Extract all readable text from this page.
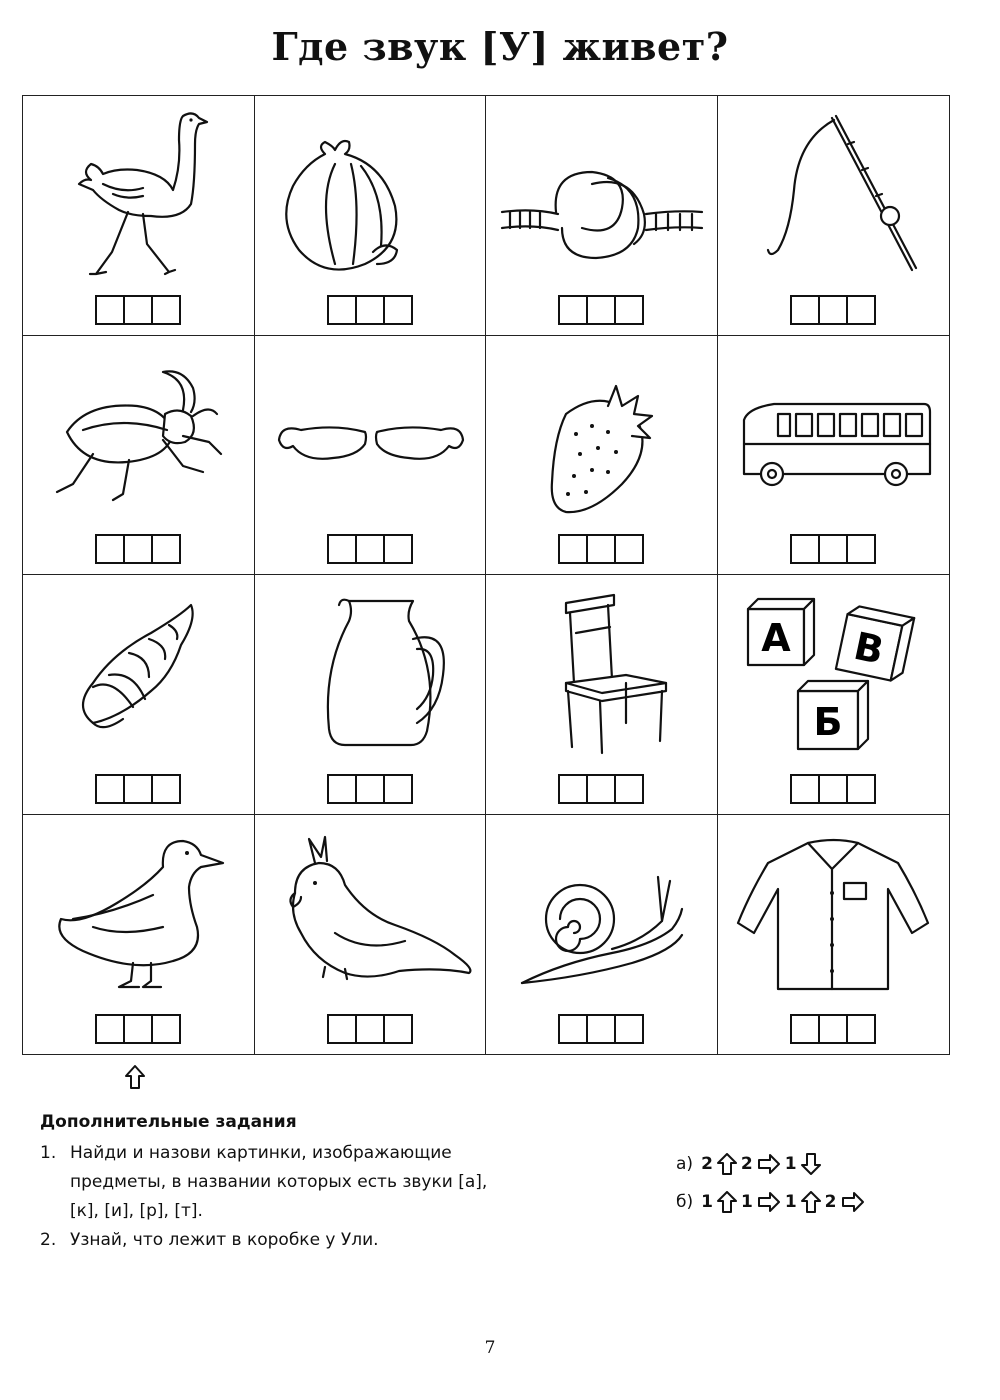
Где звук [У] живет?
А В
Б
Дополнительные задания
1. Найди и назови картинки, изображающие предметы, в названии которых есть звуки [а], [к], [и], [р], [т].
2. Узнай, что лежит в коробке у Ули.
а) 2 2 1
б) 1 1 1 2
7
